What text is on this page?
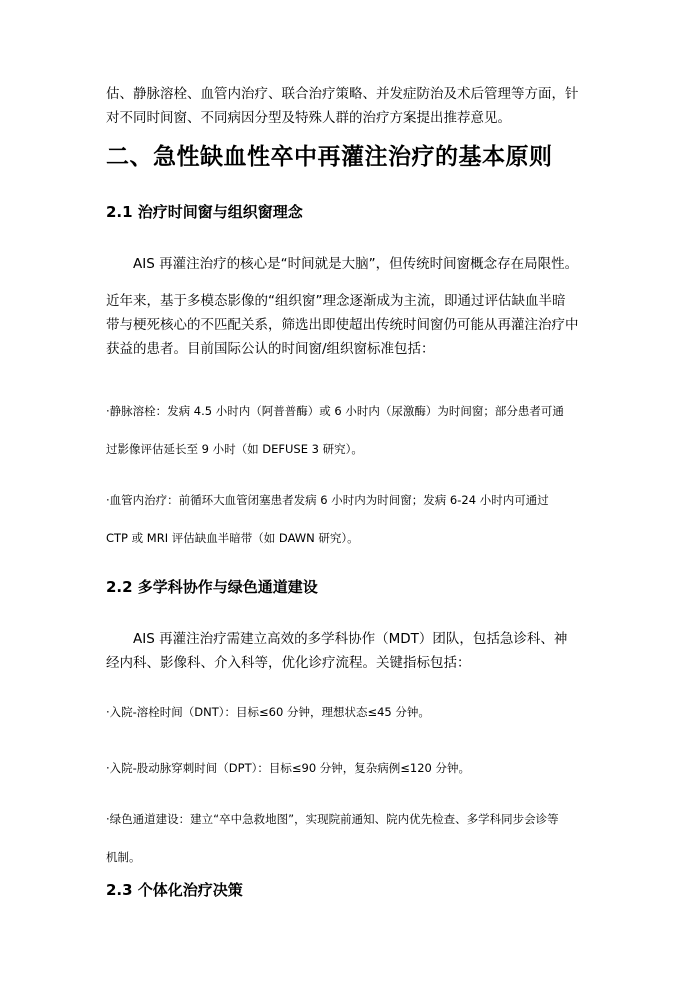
估、静脉溶栓、血管内治疗、联合治疗策略、并发症防治及术后管理等方面，针
对不同时间窗、不同病因分型及特殊人群的治疗方案提出推荐意见。
二、急性缺血性卒中再灌注治疗的基本原则
2.1 治疗时间窗与组织窗理念
AIS 再灌注治疗的核心是“时间就是大脑”，但传统时间窗概念存在局限性。
近年来，基于多模态影像的“组织窗”理念逐渐成为主流，即通过评估缺血半暗
带与梗死核心的不匹配关系，筛选出即使超出传统时间窗仍可能从再灌注治疗中
获益的患者。目前国际公认的时间窗/组织窗标准包括：
·静脉溶栓：发病 4.5 小时内（阿普普酶）或 6 小时内（尿激酶）为时间窗；部分患者可通
过影像评估延长至 9 小时（如 DEFUSE 3 研究）。
·血管内治疗：前循环大血管闭塞患者发病 6 小时内为时间窗；发病 6-24 小时内可通过
CTP 或 MRI 评估缺血半暗带（如 DAWN 研究）。
2.2 多学科协作与绿色通道建设
AIS 再灌注治疗需建立高效的多学科协作（MDT）团队，包括急诊科、神
经内科、影像科、介入科等，优化诊疗流程。关键指标包括：
·入院-溶栓时间（DNT）：目标≤60 分钟，理想状态≤45 分钟。
·入院-股动脉穿刺时间（DPT）：目标≤90 分钟，复杂病例≤120 分钟。
·绿色通道建设：建立“卒中急救地图”，实现院前通知、院内优先检查、多学科同步会诊等
机制。
2.3 个体化治疗决策
